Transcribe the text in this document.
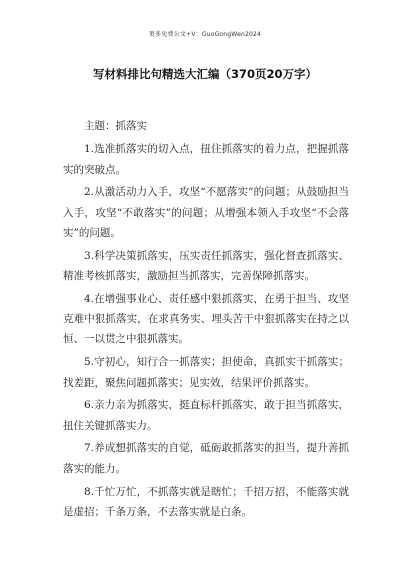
更多免费公文+V：GuoGongWen2024
写材料排比句精选大汇编（370页20万字）

主题：抓落实

1.选准抓落实的切入点，扭住抓落实的着力点，把握抓落实的突破点。

2.从激活动力入手，攻坚“不愿落实”的问题；从鼓励担当入手，攻坚“不敢落实”的问题；从增强本领入手攻坚“不会落实”的问题。

3.科学决策抓落实，压实责任抓落实，强化督查抓落实、精准考核抓落实，激励担当抓落实，完善保障抓落实。

4.在增强事业心、责任感中狠抓落实，在勇于担当、攻坚克难中狠抓落实，在求真务实、埋头苦干中狠抓落实在持之以恒、一以贯之中狠抓落实。

5.守初心，知行合一抓落实；担使命，真抓实干抓落实；找差距，聚焦问题抓落实；见实效，结果评价抓落实。

6.亲力亲为抓落实，挺直标杆抓落实，敢于担当抓落实，扭住关键抓落实力。

7.养成想抓落实的自觉，砥砺敢抓落实的担当，提升善抓落实的能力。

8.千忙万忙，不抓落实就是瞎忙；千招万招，不能落实就是虚招；千条万条，不去落实就是白条。
